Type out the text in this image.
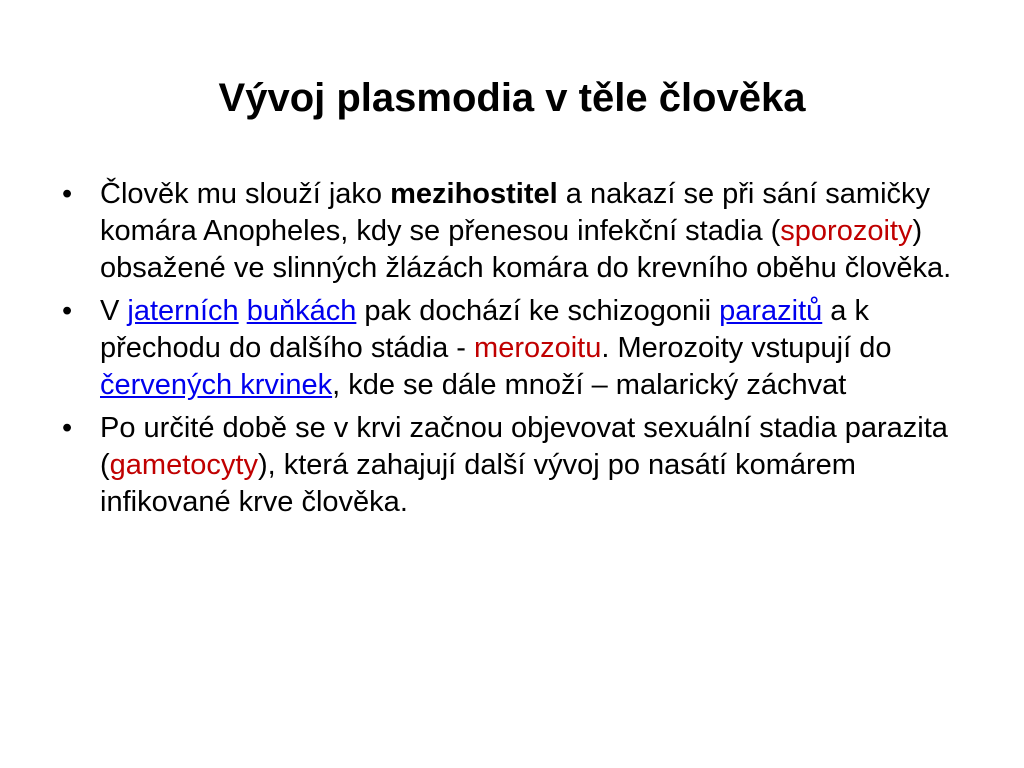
Vývoj plasmodia v těle člověka
• Člověk mu slouží jako mezihostitel a nakazí se při sání samičky komára Anopheles, kdy se přenesou infekční stadia (sporozoity) obsažené ve slinných žlázách komára do krevního oběhu člověka.
• V jaterních buňkách pak dochází ke schizogonii parazitů a k přechodu do dalšího stádia - merozoitu. Merozoity vstupují do červených krvinek, kde se dále množí – malarický záchvat
• Po určité době se v krvi začnou objevovat sexuální stadia parazita (gametocyty), která zahajují další vývoj po nasátí komárem infikované krve člověka.
